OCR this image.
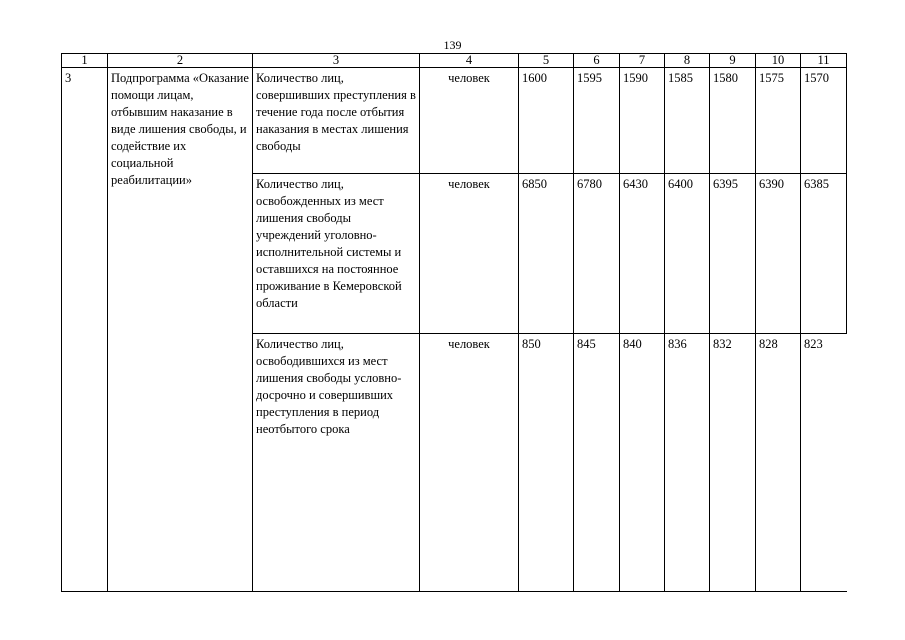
139
1	2	3	4	5	6	7	8	9	10	11
3	Подпрограмма «Оказание помощи лицам, отбывшим наказание в виде лишения свободы, и содействие их социальной реабилитации»	Количество лиц, совершивших преступления в течение года после отбытия наказания в местах лишения свободы	человек	1600	1595	1590	1585	1580	1575	1570
		Количество лиц, освобожденных из мест лишения свободы учреждений уголовно-исполнительной системы и оставшихся на постоянное проживание в Кемеровской области	человек	6850	6780	6430	6400	6395	6390	6385
		Количество лиц, освободившихся из мест лишения свободы условно-досрочно и совершивших преступления в период неотбытого срока	человек	850	845	840	836	832	828	823
